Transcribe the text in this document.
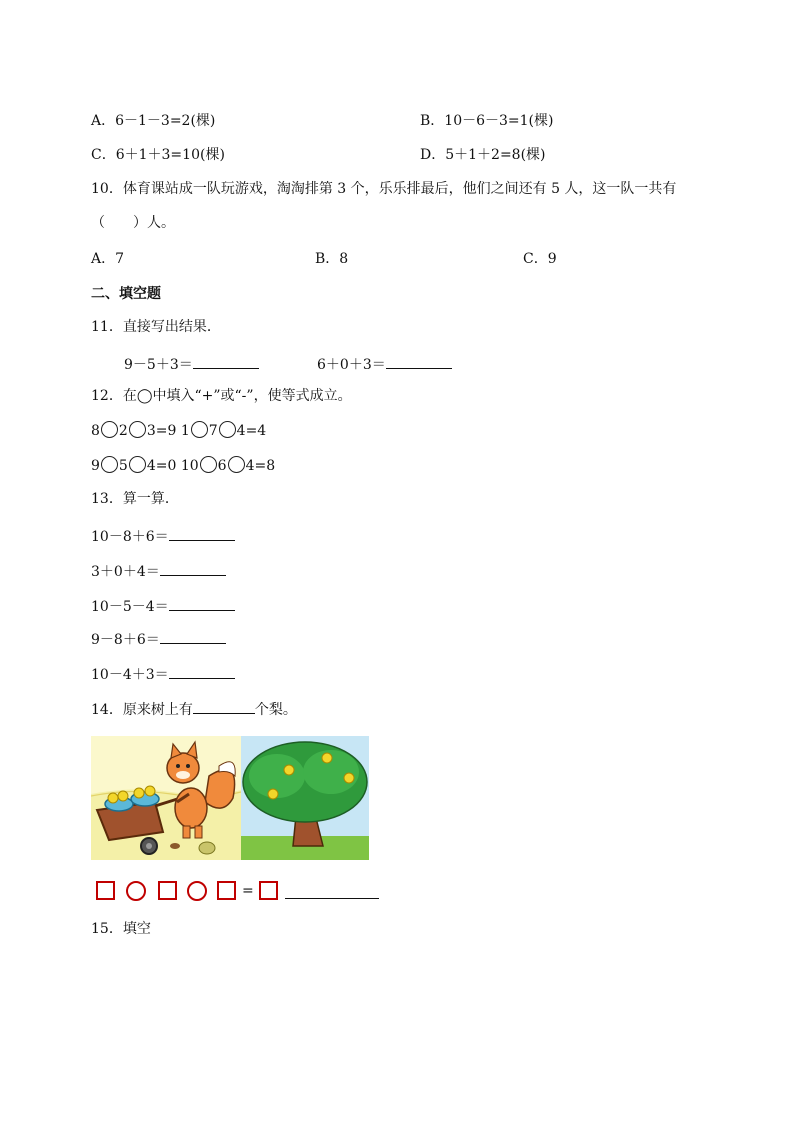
A．6－1－3=2(棵)	B．10－6－3=1(棵)
C．6＋1＋3=10(棵)	D．5＋1＋2=8(棵)
10．体育课站成一队玩游戏，淘淘排第 3 个，乐乐排最后，他们之间还有 5 人，这一队一共有
（　　）人。
A．7	B．8	C．9
二、填空题
11．直接写出结果．
9－5＋3＝	6＋0＋3＝
12．在◯中填入“+”或“-”，使等式成立。
8 2 3=9 1 7 4=4
9 5 4=0 10 6 4=8
13．算一算．
10－8＋6＝
3＋0＋4＝
10－5－4＝
9－8＋6＝
10－4＋3＝
14．原来树上有	个梨。
=
15．填空
